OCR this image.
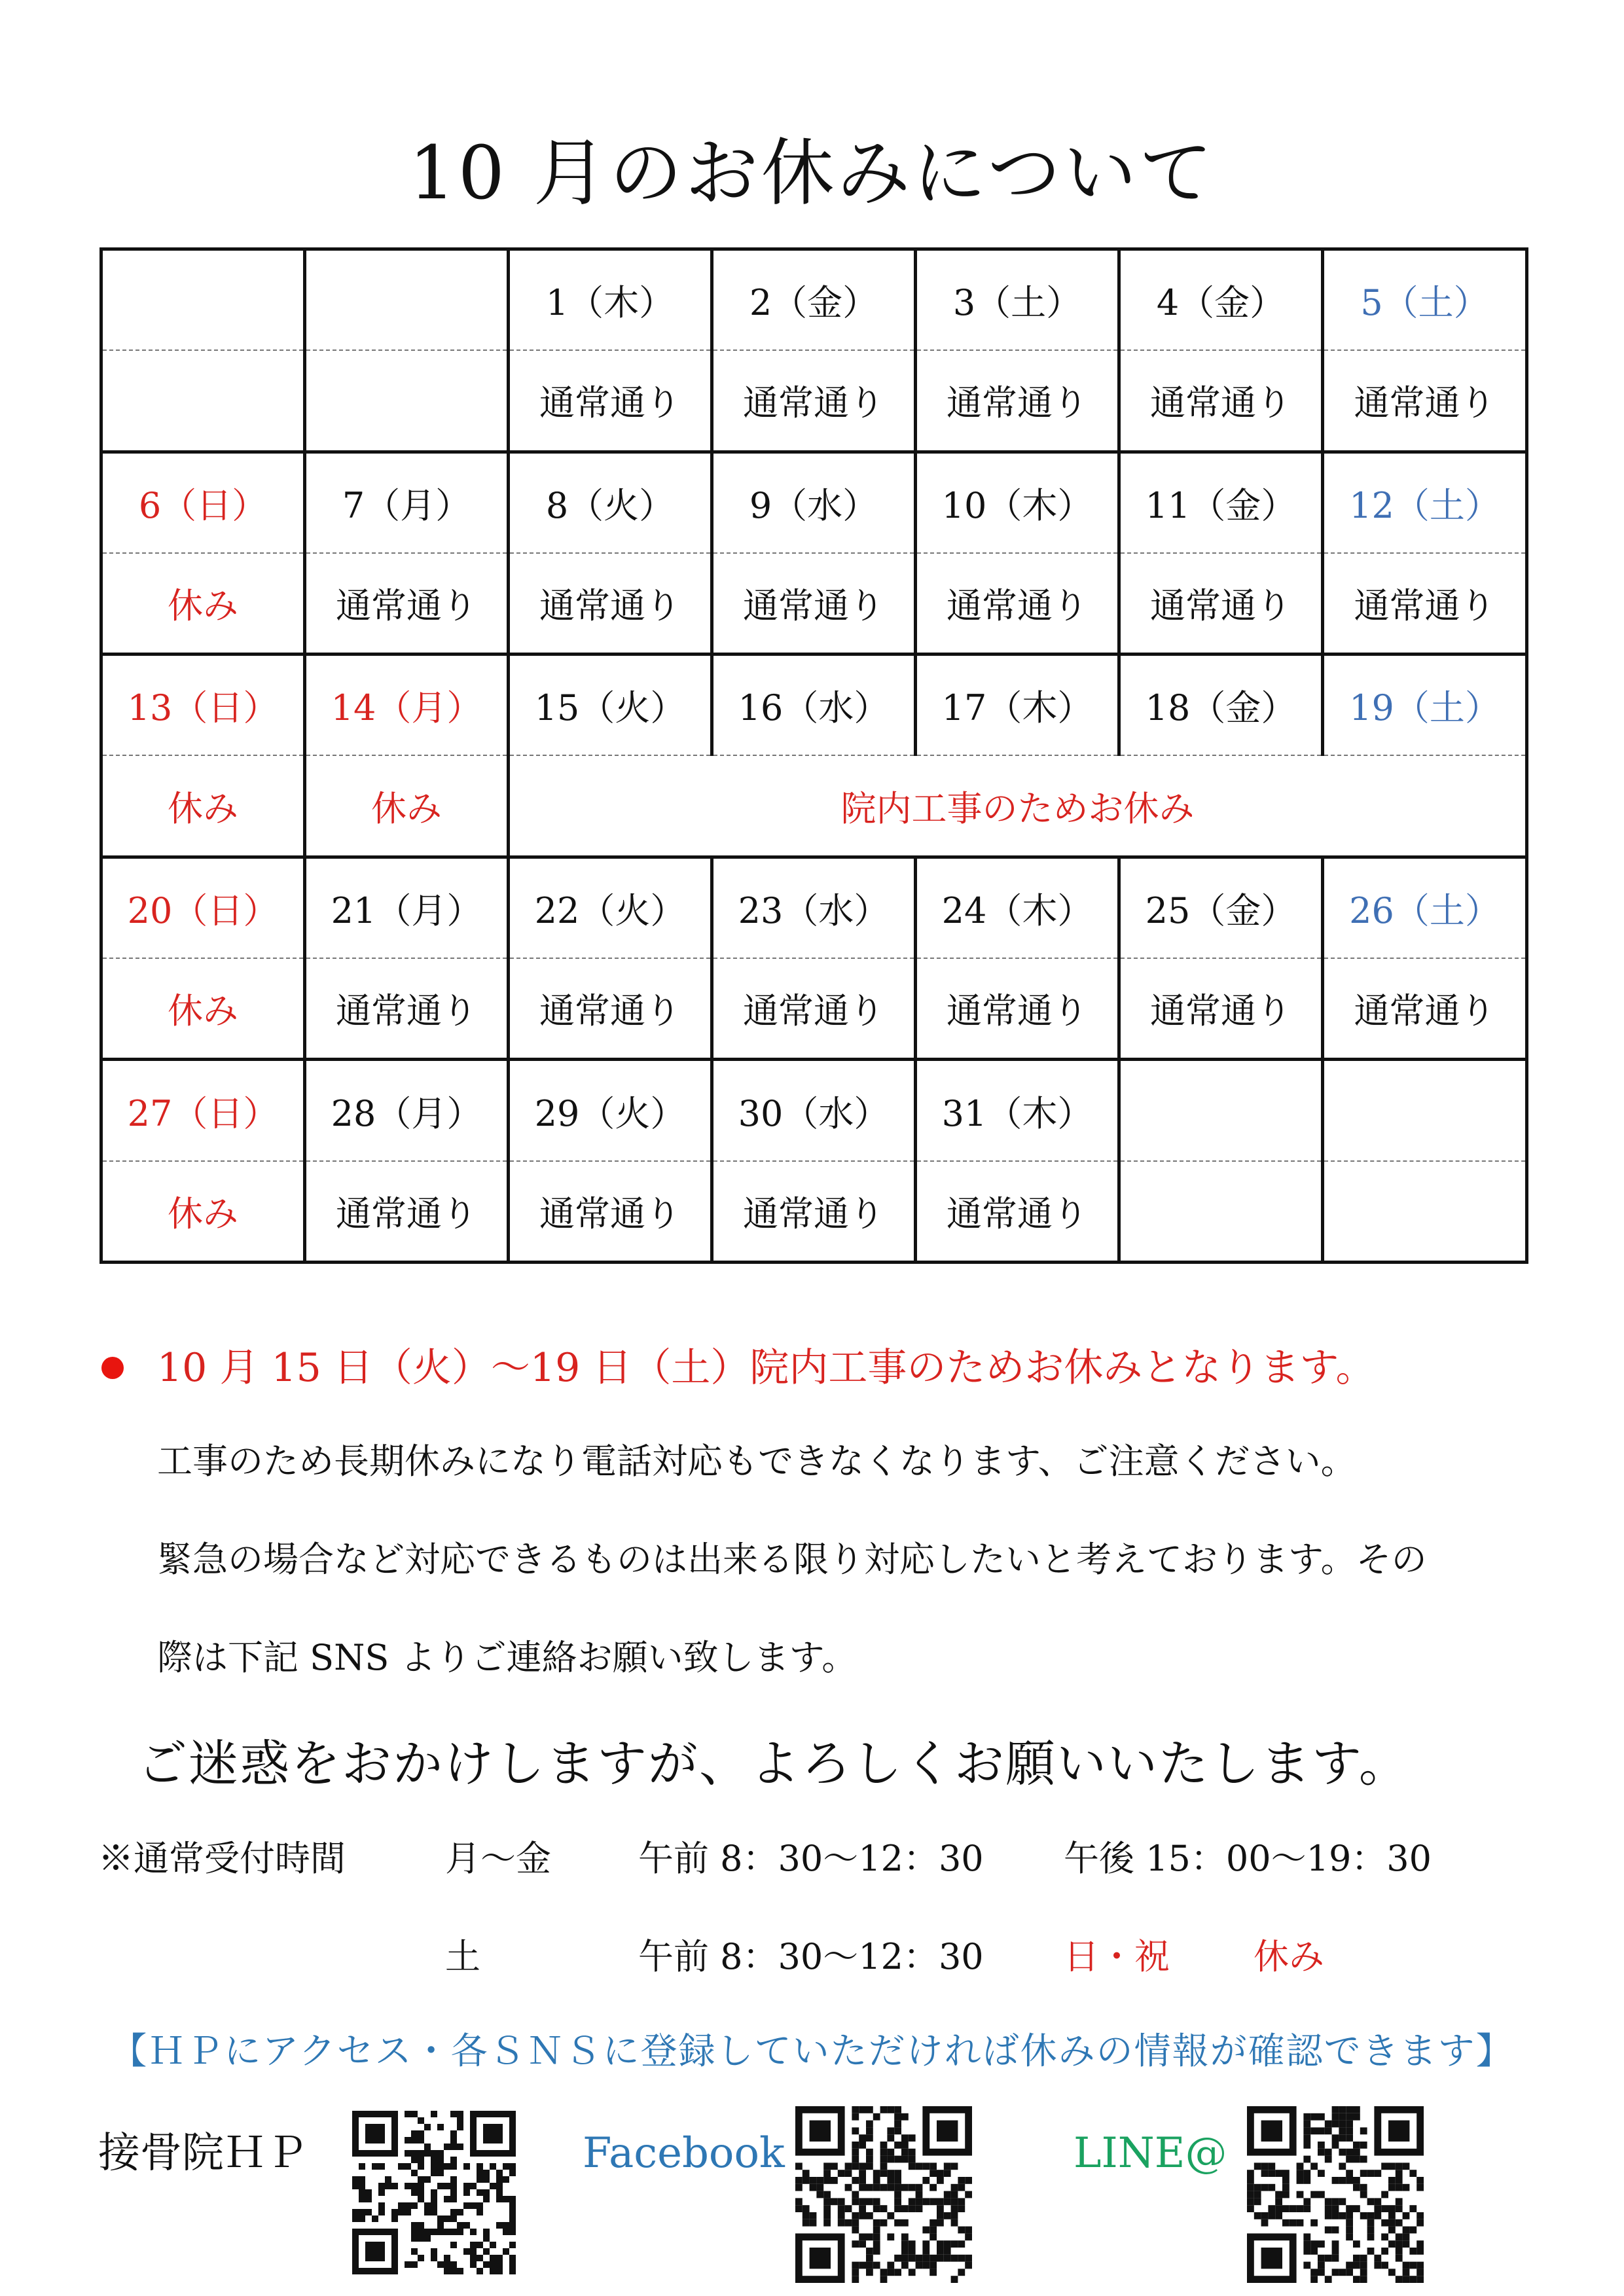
10 月のお休みについて
		1（木）	2（金）	3（土）	4（金）	5（土）
		通常通り	通常通り	通常通り	通常通り	通常通り
6（日）	7（月）	8（火）	9（水）	10（木）	11（金）	12（土）
休み	通常通り	通常通り	通常通り	通常通り	通常通り	通常通り
13（日）	14（月）	15（火）	16（水）	17（木）	18（金）	19（土）
休み	休み	院内工事のためお休み				
20（日）	21（月）	22（火）	23（水）	24（木）	25（金）	26（土）
休み	通常通り	通常通り	通常通り	通常通り	通常通り	通常通り
27（日）	28（月）	29（火）	30（水）	31（木）		
休み	通常通り	通常通り	通常通り	通常通り		
10 月 15 日（火）～19 日（土）院内工事のためお休みとなります。
工事のため長期休みになり電話対応もできなくなります、ご注意ください。
緊急の場合など対応できるものは出来る限り対応したいと考えております。その
際は下記 SNS よりご連絡お願い致します。
ご迷惑をおかけしますが、よろしくお願いいたします。
※通常受付時間	月～金 午前 8：30～12：30 午後 15：00～19：30
土	午前 8：30～12：30 日・祝 休み
【ＨＰにアクセス・各ＳＮＳに登録していただければ休みの情報が確認できます】
接骨院ＨＰ	Facebook	LINE@
